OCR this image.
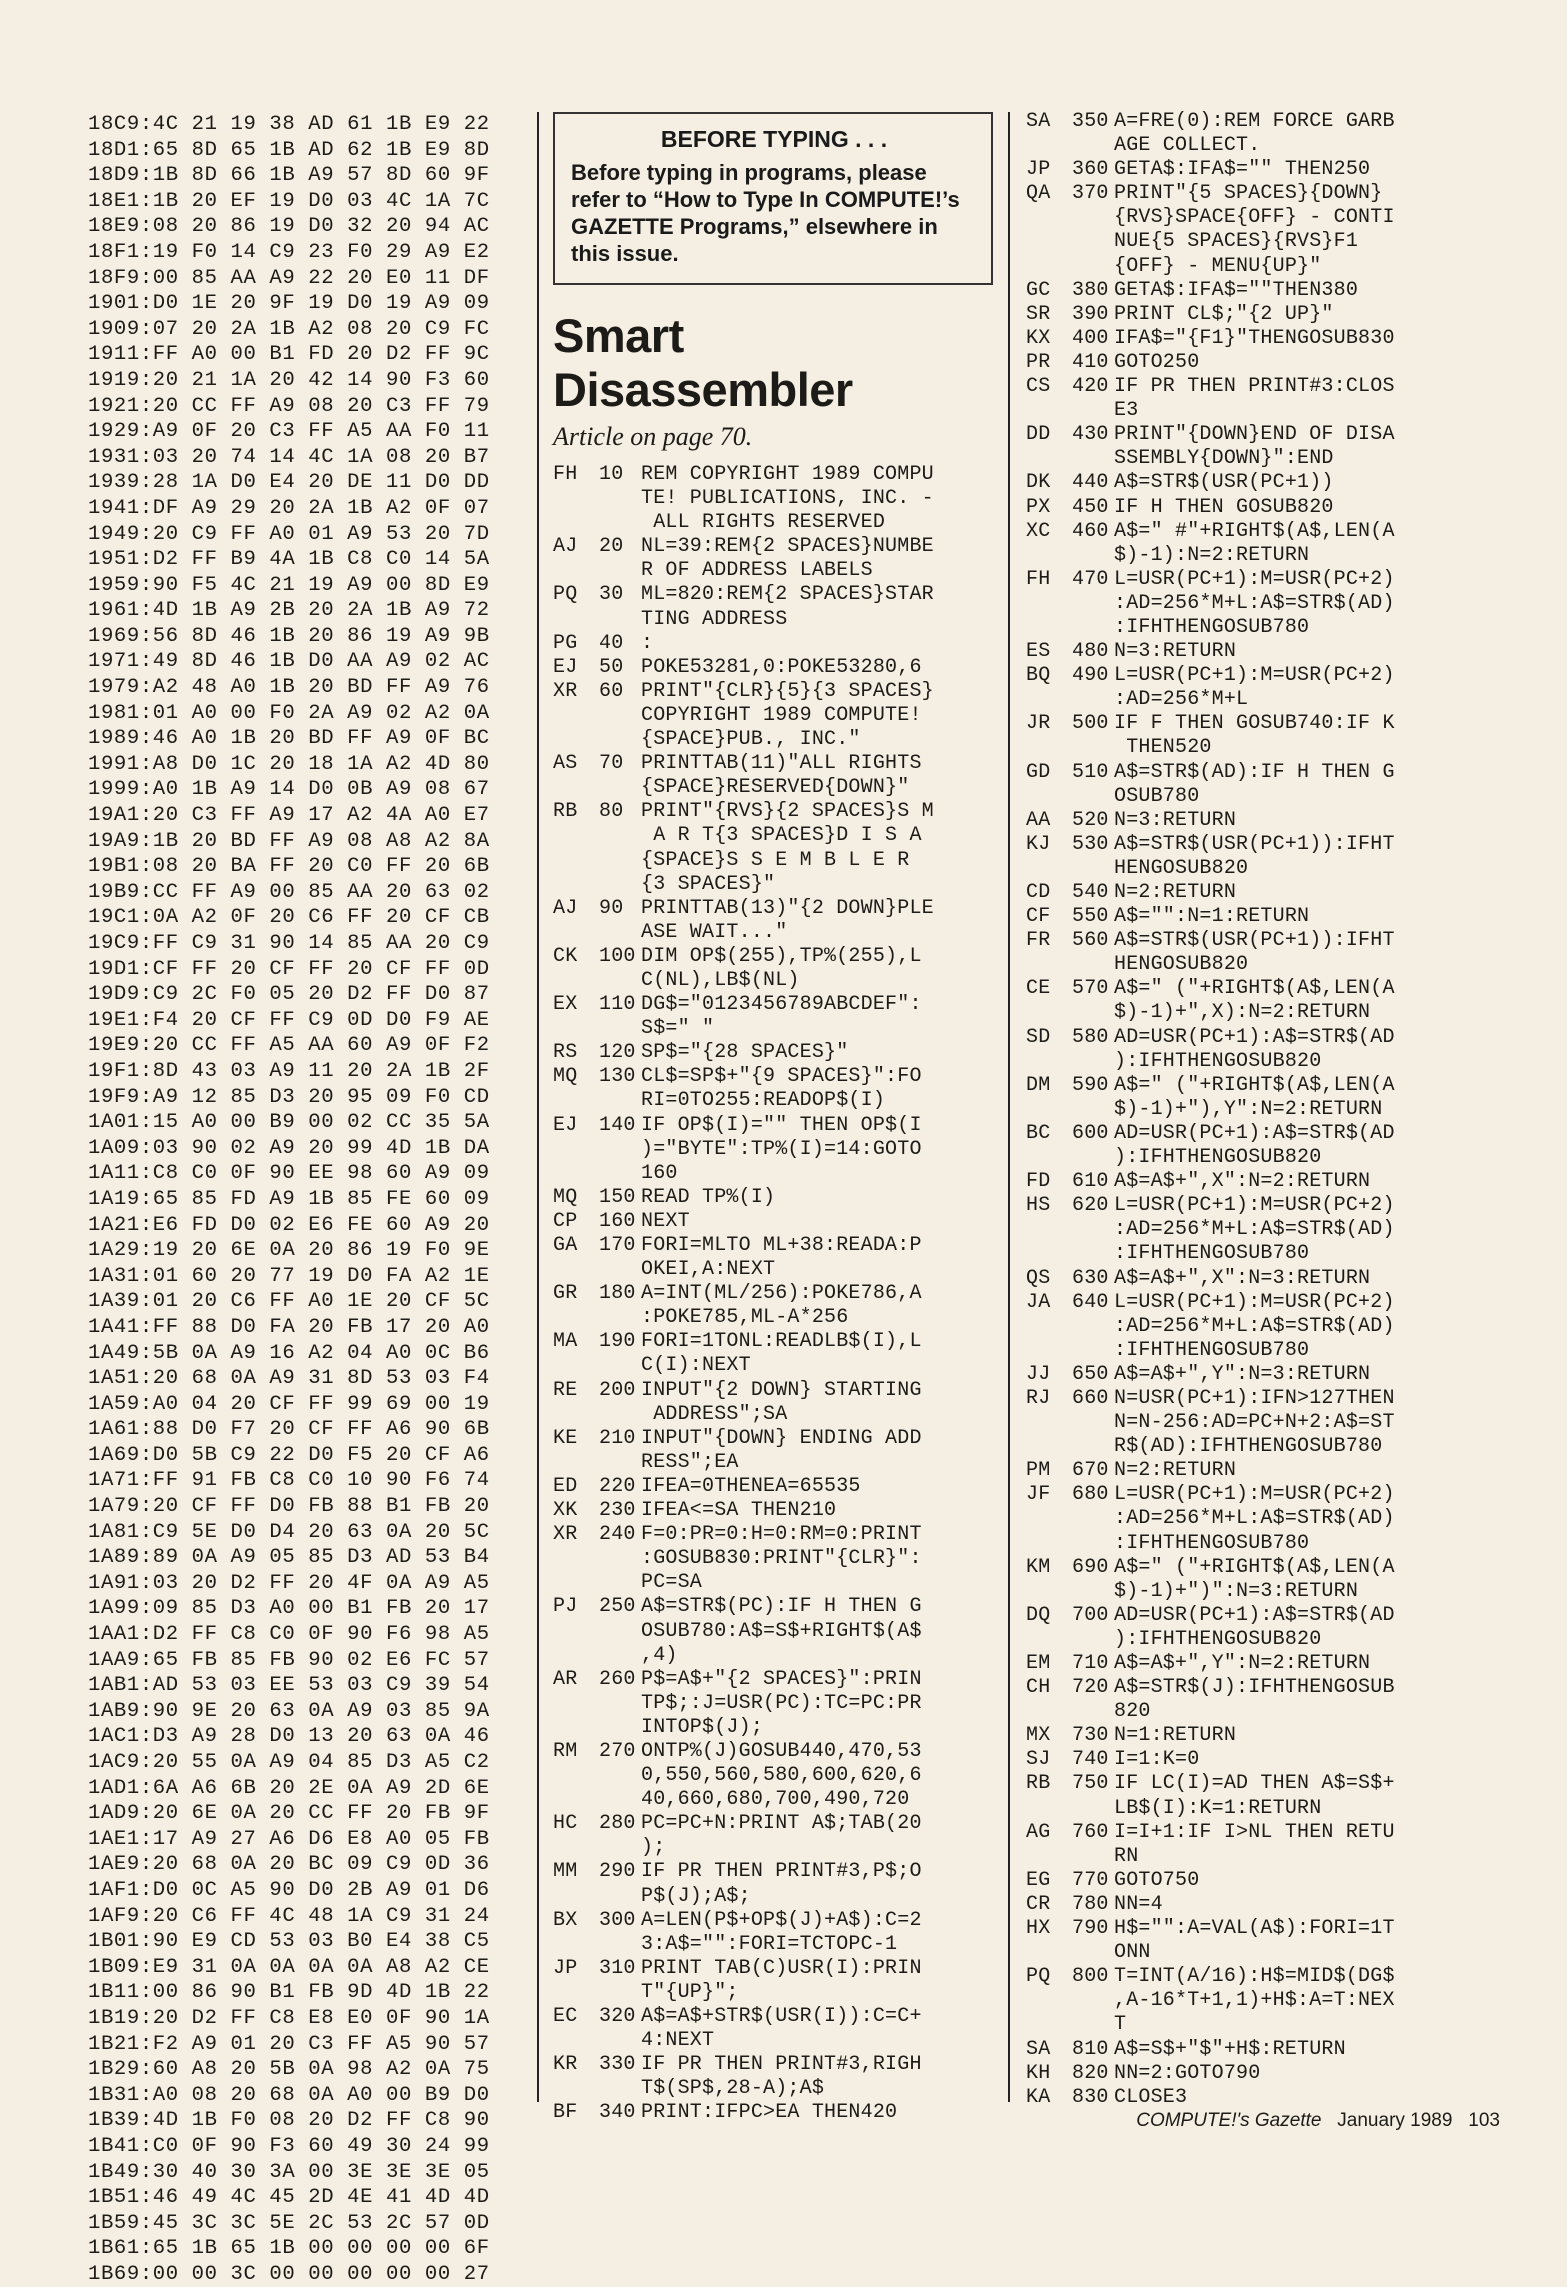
18C9:4C 21 19 38 AD 61 1B E9 22
18D1:65 8D 65 1B AD 62 1B E9 8D
18D9:1B 8D 66 1B A9 57 8D 60 9F
18E1:1B 20 EF 19 D0 03 4C 1A 7C
18E9:08 20 86 19 D0 32 20 94 AC
18F1:19 F0 14 C9 23 F0 29 A9 E2
18F9:00 85 AA A9 22 20 E0 11 DF
1901:D0 1E 20 9F 19 D0 19 A9 09
1909:07 20 2A 1B A2 08 20 C9 FC
1911:FF A0 00 B1 FD 20 D2 FF 9C
1919:20 21 1A 20 42 14 90 F3 60
1921:20 CC FF A9 08 20 C3 FF 79
1929:A9 0F 20 C3 FF A5 AA F0 11
1931:03 20 74 14 4C 1A 08 20 B7
1939:28 1A D0 E4 20 DE 11 D0 DD
1941:DF A9 29 20 2A 1B A2 0F 07
1949:20 C9 FF A0 01 A9 53 20 7D
1951:D2 FF B9 4A 1B C8 C0 14 5A
1959:90 F5 4C 21 19 A9 00 8D E9
1961:4D 1B A9 2B 20 2A 1B A9 72
1969:56 8D 46 1B 20 86 19 A9 9B
1971:49 8D 46 1B D0 AA A9 02 AC
1979:A2 48 A0 1B 20 BD FF A9 76
1981:01 A0 00 F0 2A A9 02 A2 0A
1989:46 A0 1B 20 BD FF A9 0F BC
1991:A8 D0 1C 20 18 1A A2 4D 80
1999:A0 1B A9 14 D0 0B A9 08 67
19A1:20 C3 FF A9 17 A2 4A A0 E7
19A9:1B 20 BD FF A9 08 A8 A2 8A
19B1:08 20 BA FF 20 C0 FF 20 6B
19B9:CC FF A9 00 85 AA 20 63 02
19C1:0A A2 0F 20 C6 FF 20 CF CB
19C9:FF C9 31 90 14 85 AA 20 C9
19D1:CF FF 20 CF FF 20 CF FF 0D
19D9:C9 2C F0 05 20 D2 FF D0 87
19E1:F4 20 CF FF C9 0D D0 F9 AE
19E9:20 CC FF A5 AA 60 A9 0F F2
19F1:8D 43 03 A9 11 20 2A 1B 2F
19F9:A9 12 85 D3 20 95 09 F0 CD
1A01:15 A0 00 B9 00 02 CC 35 5A
1A09:03 90 02 A9 20 99 4D 1B DA
1A11:C8 C0 0F 90 EE 98 60 A9 09
1A19:65 85 FD A9 1B 85 FE 60 09
1A21:E6 FD D0 02 E6 FE 60 A9 20
1A29:19 20 6E 0A 20 86 19 F0 9E
1A31:01 60 20 77 19 D0 FA A2 1E
1A39:01 20 C6 FF A0 1E 20 CF 5C
1A41:FF 88 D0 FA 20 FB 17 20 A0
1A49:5B 0A A9 16 A2 04 A0 0C B6
1A51:20 68 0A A9 31 8D 53 03 F4
1A59:A0 04 20 CF FF 99 69 00 19
1A61:88 D0 F7 20 CF FF A6 90 6B
1A69:D0 5B C9 22 D0 F5 20 CF A6
1A71:FF 91 FB C8 C0 10 90 F6 74
1A79:20 CF FF D0 FB 88 B1 FB 20
1A81:C9 5E D0 D4 20 63 0A 20 5C
1A89:89 0A A9 05 85 D3 AD 53 B4
1A91:03 20 D2 FF 20 4F 0A A9 A5
1A99:09 85 D3 A0 00 B1 FB 20 17
1AA1:D2 FF C8 C0 0F 90 F6 98 A5
1AA9:65 FB 85 FB 90 02 E6 FC 57
1AB1:AD 53 03 EE 53 03 C9 39 54
1AB9:90 9E 20 63 0A A9 03 85 9A
1AC1:D3 A9 28 D0 13 20 63 0A 46
1AC9:20 55 0A A9 04 85 D3 A5 C2
1AD1:6A A6 6B 20 2E 0A A9 2D 6E
1AD9:20 6E 0A 20 CC FF 20 FB 9F
1AE1:17 A9 27 A6 D6 E8 A0 05 FB
1AE9:20 68 0A 20 BC 09 C9 0D 36
1AF1:D0 0C A5 90 D0 2B A9 01 D6
1AF9:20 C6 FF 4C 48 1A C9 31 24
1B01:90 E9 CD 53 03 B0 E4 38 C5
1B09:E9 31 0A 0A 0A 0A A8 A2 CE
1B11:00 86 90 B1 FB 9D 4D 1B 22
1B19:20 D2 FF C8 E8 E0 0F 90 1A
1B21:F2 A9 01 20 C3 FF A5 90 57
1B29:60 A8 20 5B 0A 98 A2 0A 75
1B31:A0 08 20 68 0A A0 00 B9 D0
1B39:4D 1B F0 08 20 D2 FF C8 90
1B41:C0 0F 90 F3 60 49 30 24 99
1B49:30 40 30 3A 00 3E 3E 3E 05
1B51:46 49 4C 45 2D 4E 41 4D 4D
1B59:45 3C 3C 5E 2C 53 2C 57 0D
1B61:65 1B 65 1B 00 00 00 00 6F
1B69:00 00 3C 00 00 00 00 00 27
BEFORE TYPING . . .
Before typing in programs, please refer to “How to Type In COMPUTE!’s GAZETTE Programs,” elsewhere in this issue.
Smart Disassembler
Article on page 70.
FH 10 REM COPYRIGHT 1989 COMPU
TE! PUBLICATIONS, INC. -
ALL RIGHTS RESERVED
AJ 20 NL=39:REM{2 SPACES}NUMBE
R OF ADDRESS LABELS
PQ 30 ML=820:REM{2 SPACES}STAR
TING ADDRESS
PG 40 :
EJ 50 POKE53281,0:POKE53280,6
XR 60 PRINT"{CLR}{5}{3 SPACES}
COPYRIGHT 1989 COMPUTE!
{SPACE}PUB., INC."
AS 70 PRINTTAB(11)"ALL RIGHTS
{SPACE}RESERVED{DOWN}"
RB 80 PRINT"{RVS}{2 SPACES}S M
A R T{3 SPACES}D I S A
{SPACE}S S E M B L E R
{3 SPACES}"
AJ 90 PRINTTAB(13)"{2 DOWN}PLE
ASE WAIT..."
CK 100 DIM OP$(255),TP%(255),L
C(NL),LB$(NL)
EX 110 DG$="0123456789ABCDEF":
S$=" "
RS 120 SP$="{28 SPACES}"
MQ 130 CL$=SP$+"{9 SPACES}":FO
RI=0TO255:READOP$(I)
EJ 140 IF OP$(I)="" THEN OP$(I
)="BYTE":TP%(I)=14:GOTO
160
MQ 150 READ TP%(I)
CP 160 NEXT
GA 170 FORI=MLTO ML+38:READA:P
OKEI,A:NEXT
GR 180 A=INT(ML/256):POKE786,A
:POKE785,ML-A*256
MA 190 FORI=1TONL:READLB$(I),L
C(I):NEXT
RE 200 INPUT"{2 DOWN} STARTING
ADDRESS";SA
KE 210 INPUT"{DOWN} ENDING ADD
RESS";EA
ED 220 IFEA=0THENEA=65535
XK 230 IFEA<=SA THEN210
XR 240 F=0:PR=0:H=0:RM=0:PRINT
:GOSUB830:PRINT"{CLR}":
PC=SA
PJ 250 A$=STR$(PC):IF H THEN G
OSUB780:A$=S$+RIGHT$(A$
,4)
AR 260 P$=A$+"{2 SPACES}":PRIN
TP$;:J=USR(PC):TC=PC:PR
INTOP$(J);
RM 270 ONTP%(J)GOSUB440,470,53
0,550,560,580,600,620,6
40,660,680,700,490,720
HC 280 PC=PC+N:PRINT A$;TAB(20
);
MM 290 IF PR THEN PRINT#3,P$;O
P$(J);A$;
BX 300 A=LEN(P$+OP$(J)+A$):C=2
3:A$="":FORI=TCTOPC-1
JP 310 PRINT TAB(C)USR(I):PRIN
T"{UP}";
EC 320 A$=A$+STR$(USR(I)):C=C+
4:NEXT
KR 330 IF PR THEN PRINT#3,RIGH
T$(SP$,28-A);A$
BF 340 PRINT:IFPC>EA THEN420
SA 350 A=FRE(0):REM FORCE GARB
AGE COLLECT.
JP 360 GETA$:IFA$="" THEN250
QA 370 PRINT"{5 SPACES}{DOWN}
{RVS}SPACE{OFF} - CONTI
NUE{5 SPACES}{RVS}F1
{OFF} - MENU{UP}"
GC 380 GETA$:IFA$=""THEN380
SR 390 PRINT CL$;"{2 UP}"
KX 400 IFA$="{F1}"THENGOSUB830
PR 410 GOTO250
CS 420 IF PR THEN PRINT#3:CLOS
E3
DD 430 PRINT"{DOWN}END OF DISA
SSEMBLY{DOWN}":END
DK 440 A$=STR$(USR(PC+1))
PX 450 IF H THEN GOSUB820
XC 460 A$=" #"+RIGHT$(A$,LEN(A
$)-1):N=2:RETURN
FH 470 L=USR(PC+1):M=USR(PC+2)
:AD=256*M+L:A$=STR$(AD)
:IFHTHENGOSUB780
ES 480 N=3:RETURN
BQ 490 L=USR(PC+1):M=USR(PC+2)
:AD=256*M+L
JR 500 IF F THEN GOSUB740:IF K
THEN520
GD 510 A$=STR$(AD):IF H THEN G
OSUB780
AA 520 N=3:RETURN
KJ 530 A$=STR$(USR(PC+1)):IFHT
HENGOSUB820
CD 540 N=2:RETURN
CF 550 A$="":N=1:RETURN
FR 560 A$=STR$(USR(PC+1)):IFHT
HENGOSUB820
CE 570 A$=" ("+RIGHT$(A$,LEN(A
$)-1)+",X):N=2:RETURN
SD 580 AD=USR(PC+1):A$=STR$(AD
):IFHTHENGOSUB820
DM 590 A$=" ("+RIGHT$(A$,LEN(A
$)-1)+"),Y":N=2:RETURN
BC 600 AD=USR(PC+1):A$=STR$(AD
):IFHTHENGOSUB820
FD 610 A$=A$+",X":N=2:RETURN
HS 620 L=USR(PC+1):M=USR(PC+2)
:AD=256*M+L:A$=STR$(AD)
:IFHTHENGOSUB780
QS 630 A$=A$+",X":N=3:RETURN
JA 640 L=USR(PC+1):M=USR(PC+2)
:AD=256*M+L:A$=STR$(AD)
:IFHTHENGOSUB780
JJ 650 A$=A$+",Y":N=3:RETURN
RJ 660 N=USR(PC+1):IFN>127THEN
N=N-256:AD=PC+N+2:A$=ST
R$(AD):IFHTHENGOSUB780
PM 670 N=2:RETURN
JF 680 L=USR(PC+1):M=USR(PC+2)
:AD=256*M+L:A$=STR$(AD)
:IFHTHENGOSUB780
KM 690 A$=" ("+RIGHT$(A$,LEN(A
$)-1)+")":N=3:RETURN
DQ 700 AD=USR(PC+1):A$=STR$(AD
):IFHTHENGOSUB820
EM 710 A$=A$+",Y":N=2:RETURN
CH 720 A$=STR$(J):IFHTHENGOSUB
820
MX 730 N=1:RETURN
SJ 740 I=1:K=0
RB 750 IF LC(I)=AD THEN A$=S$+
LB$(I):K=1:RETURN
AG 760 I=I+1:IF I>NL THEN RETU
RN
EG 770 GOTO750
CR 780 NN=4
HX 790 H$="":A=VAL(A$):FORI=1T
ONN
PQ 800 T=INT(A/16):H$=MID$(DG$
,A-16*T+1,1)+H$:A=T:NEX
T
SA 810 A$=S$+"$"+H$:RETURN
KH 820 NN=2:GOTO790
KA 830 CLOSE3
COMPUTE!'s Gazette January 1989 103
